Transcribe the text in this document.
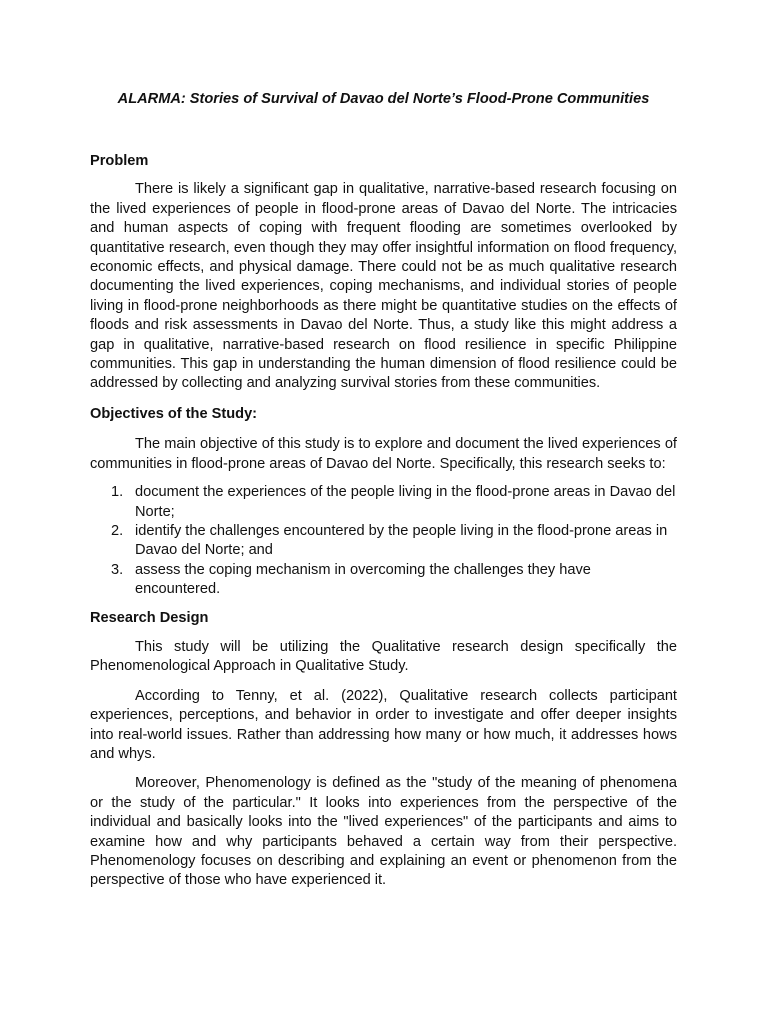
ALARMA: Stories of Survival of Davao del Norte’s Flood-Prone Communities

Problem

There is likely a significant gap in qualitative, narrative-based research focusing on the lived experiences of people in flood-prone areas of Davao del Norte. The intricacies and human aspects of coping with frequent flooding are sometimes overlooked by quantitative research, even though they may offer insightful information on flood frequency, economic effects, and physical damage. There could not be as much qualitative research documenting the lived experiences, coping mechanisms, and individual stories of people living in flood-prone neighborhoods as there might be quantitative studies on the effects of floods and risk assessments in Davao del Norte. Thus, a study like this might address a gap in qualitative, narrative-based research on flood resilience in specific Philippine communities. This gap in understanding the human dimension of flood resilience could be addressed by collecting and analyzing survival stories from these communities.

Objectives of the Study:

The main objective of this study is to explore and document the lived experiences of communities in flood-prone areas of Davao del Norte. Specifically, this research seeks to:

1. document the experiences of the people living in the flood-prone areas in Davao del Norte;
2. identify the challenges encountered by the people living in the flood-prone areas in Davao del Norte; and
3. assess the coping mechanism in overcoming the challenges they have encountered.

Research Design

This study will be utilizing the Qualitative research design specifically the Phenomenological Approach in Qualitative Study.

According to Tenny, et al. (2022), Qualitative research collects participant experiences, perceptions, and behavior in order to investigate and offer deeper insights into real-world issues. Rather than addressing how many or how much, it addresses hows and whys.

Moreover, Phenomenology is defined as the "study of the meaning of phenomena or the study of the particular." It looks into experiences from the perspective of the individual and basically looks into the "lived experiences" of the participants and aims to examine how and why participants behaved a certain way from their perspective. Phenomenology focuses on describing and explaining an event or phenomenon from the perspective of those who have experienced it.
